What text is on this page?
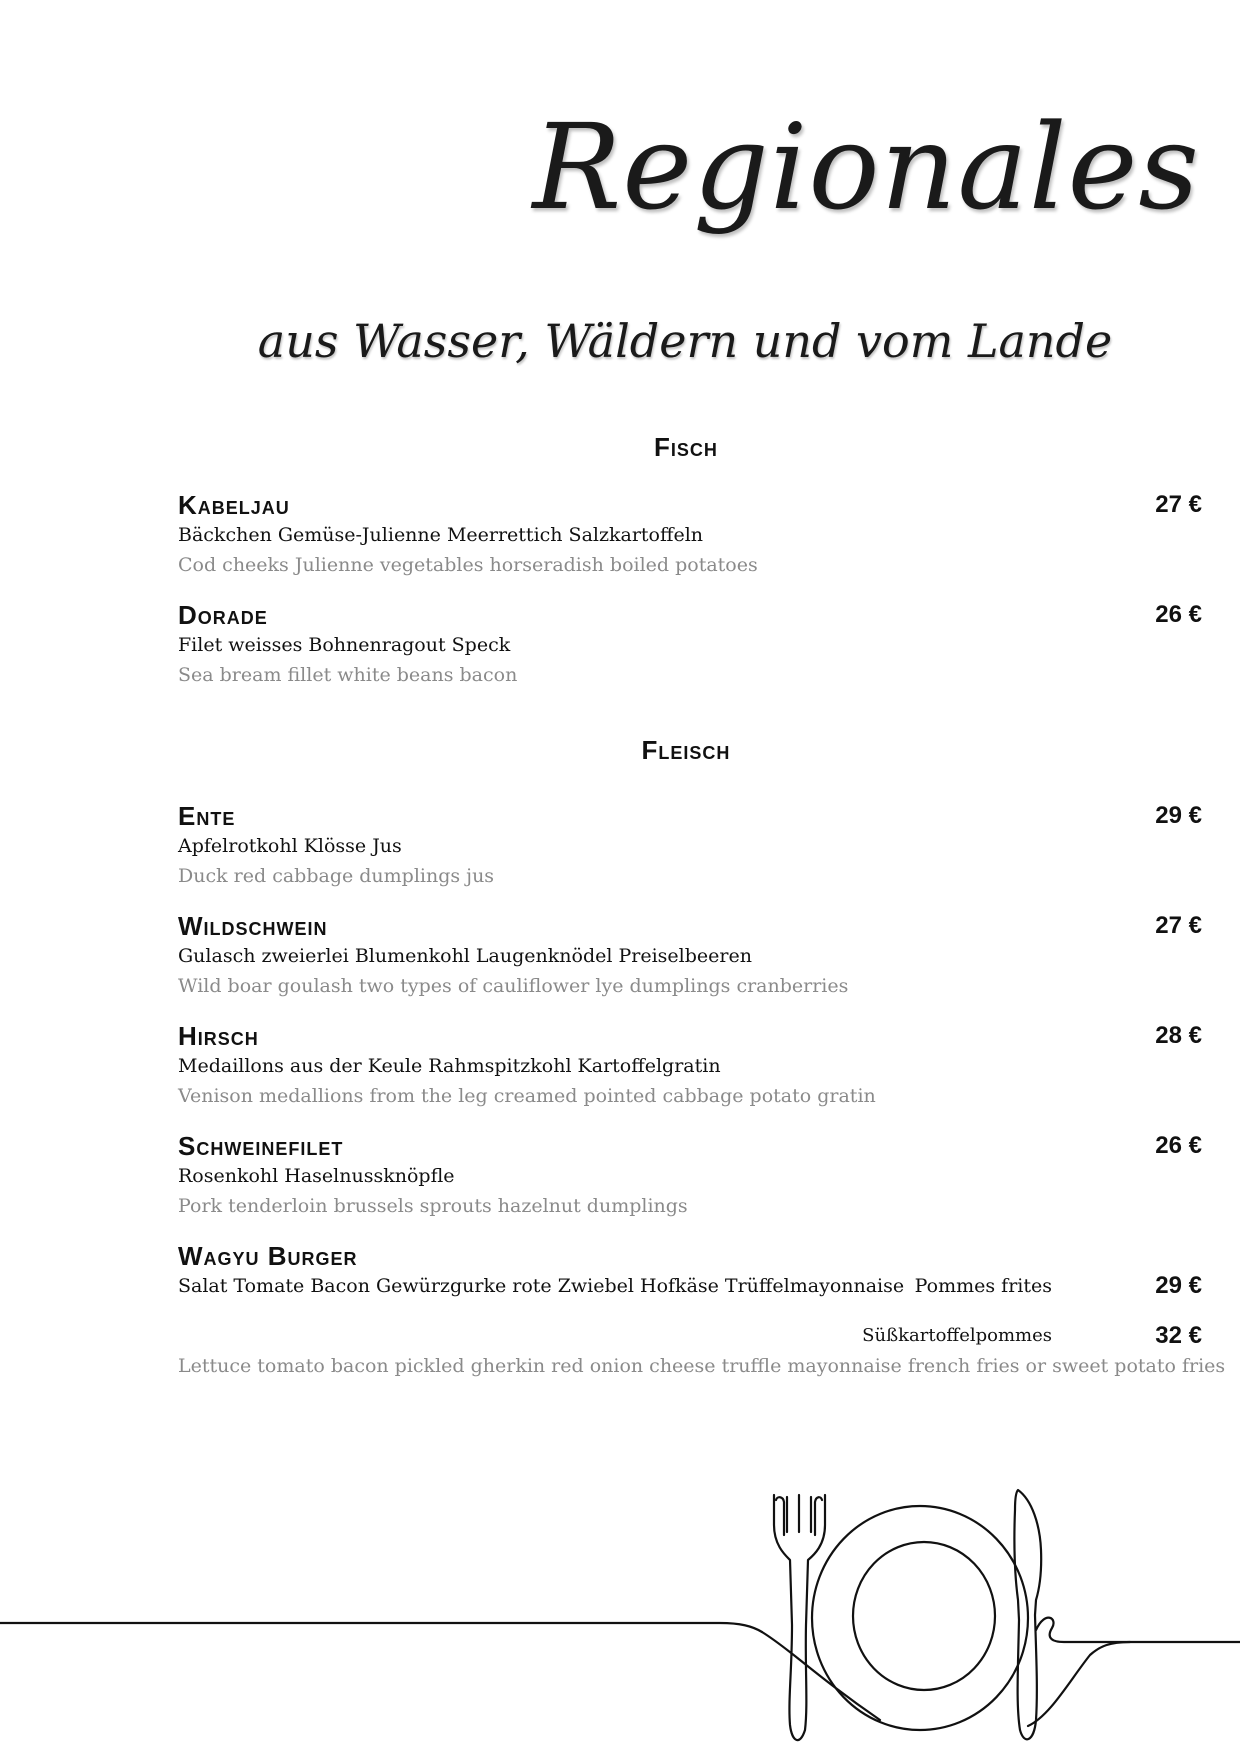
Regionales
aus Wasser, Wäldern und vom Lande
Fisch
Kabeljau	27 €
Bäckchen Gemüse-Julienne Meerrettich Salzkartoffeln
Cod cheeks Julienne vegetables horseradish boiled potatoes
Dorade	26 €
Filet weisses Bohnenragout Speck
Sea bream fillet white beans bacon
Fleisch
Ente	29 €
Apfelrotkohl Klösse Jus
Duck red cabbage dumplings jus
Wildschwein	27 €
Gulasch zweierlei Blumenkohl Laugenknödel Preiselbeeren
Wild boar goulash two types of cauliflower lye dumplings cranberries
Hirsch	28 €
Medaillons aus der Keule Rahmspitzkohl Kartoffelgratin
Venison medallions from the leg creamed pointed cabbage potato gratin
Schweinefilet	26 €
Rosenkohl Haselnussknöpfle
Pork tenderloin brussels sprouts hazelnut dumplings
Wagyu Burger
Salat Tomate Bacon Gewürzgurke rote Zwiebel Hofkäse Trüffelmayonnaise Pommes frites	29 €
Süßkartoffelpommes	32 €
Lettuce tomato bacon pickled gherkin red onion cheese truffle mayonnaise french fries or sweet potato fries
